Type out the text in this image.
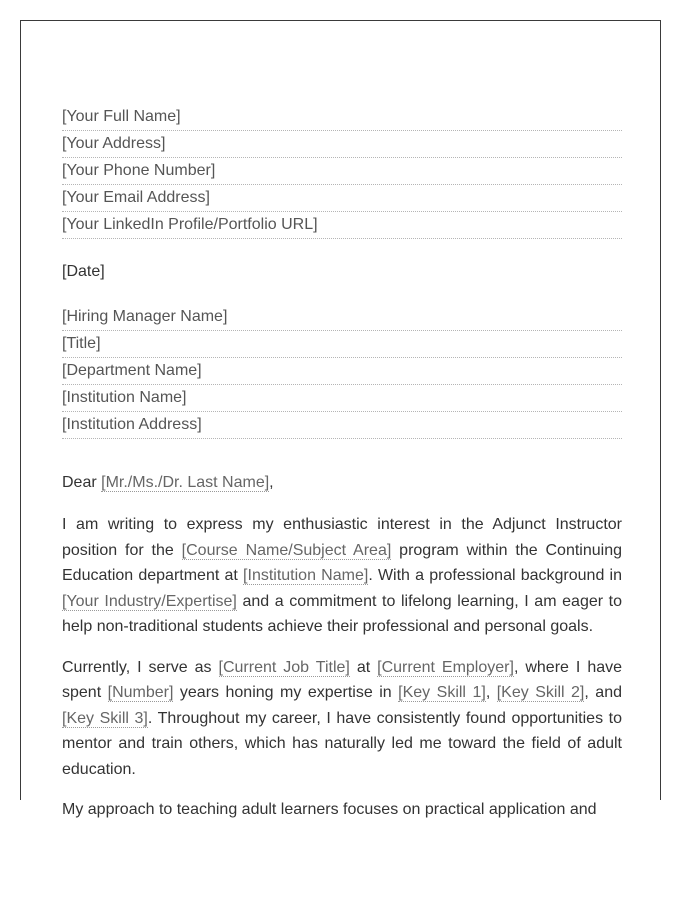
[Your Full Name]
[Your Address]
[Your Phone Number]
[Your Email Address]
[Your LinkedIn Profile/Portfolio URL]
[Date]
[Hiring Manager Name]
[Title]
[Department Name]
[Institution Name]
[Institution Address]
Dear [Mr./Ms./Dr. Last Name],

I am writing to express my enthusiastic interest in the Adjunct Instructor position for the [Course Name/Subject Area] program within the Continuing Education department at [Institution Name]. With a professional background in [Your Industry/Expertise] and a commitment to lifelong learning, I am eager to help non-traditional students achieve their professional and personal goals.

Currently, I serve as [Current Job Title] at [Current Employer], where I have spent [Number] years honing my expertise in [Key Skill 1], [Key Skill 2], and [Key Skill 3]. Throughout my career, I have consistently found opportunities to mentor and train others, which has naturally led me toward the field of adult education.

My approach to teaching adult learners focuses on practical application and
